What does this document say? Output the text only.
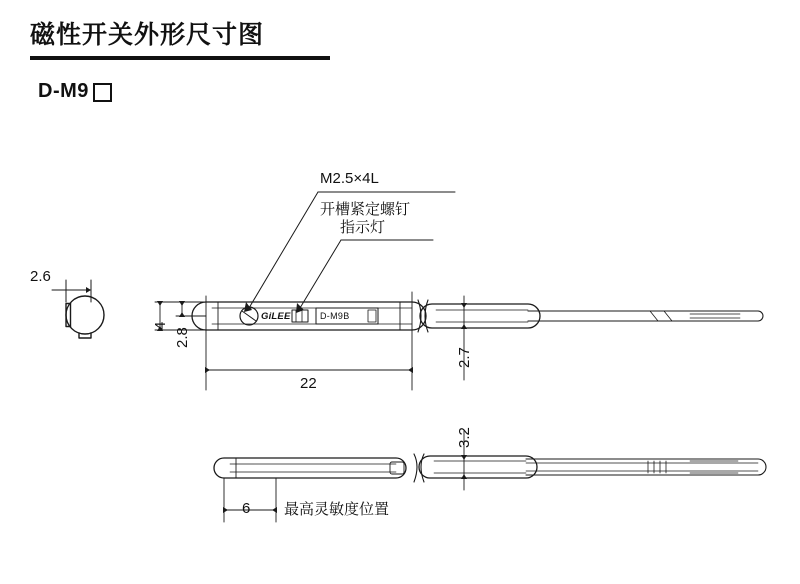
磁性开关外形尺寸图
D-M9
2.6
4
2.8
22
2.7
3.2
6 最高灵敏度位置
M2.5×4L
开槽紧定螺钉
指示灯
GiLEE	D-M9B
